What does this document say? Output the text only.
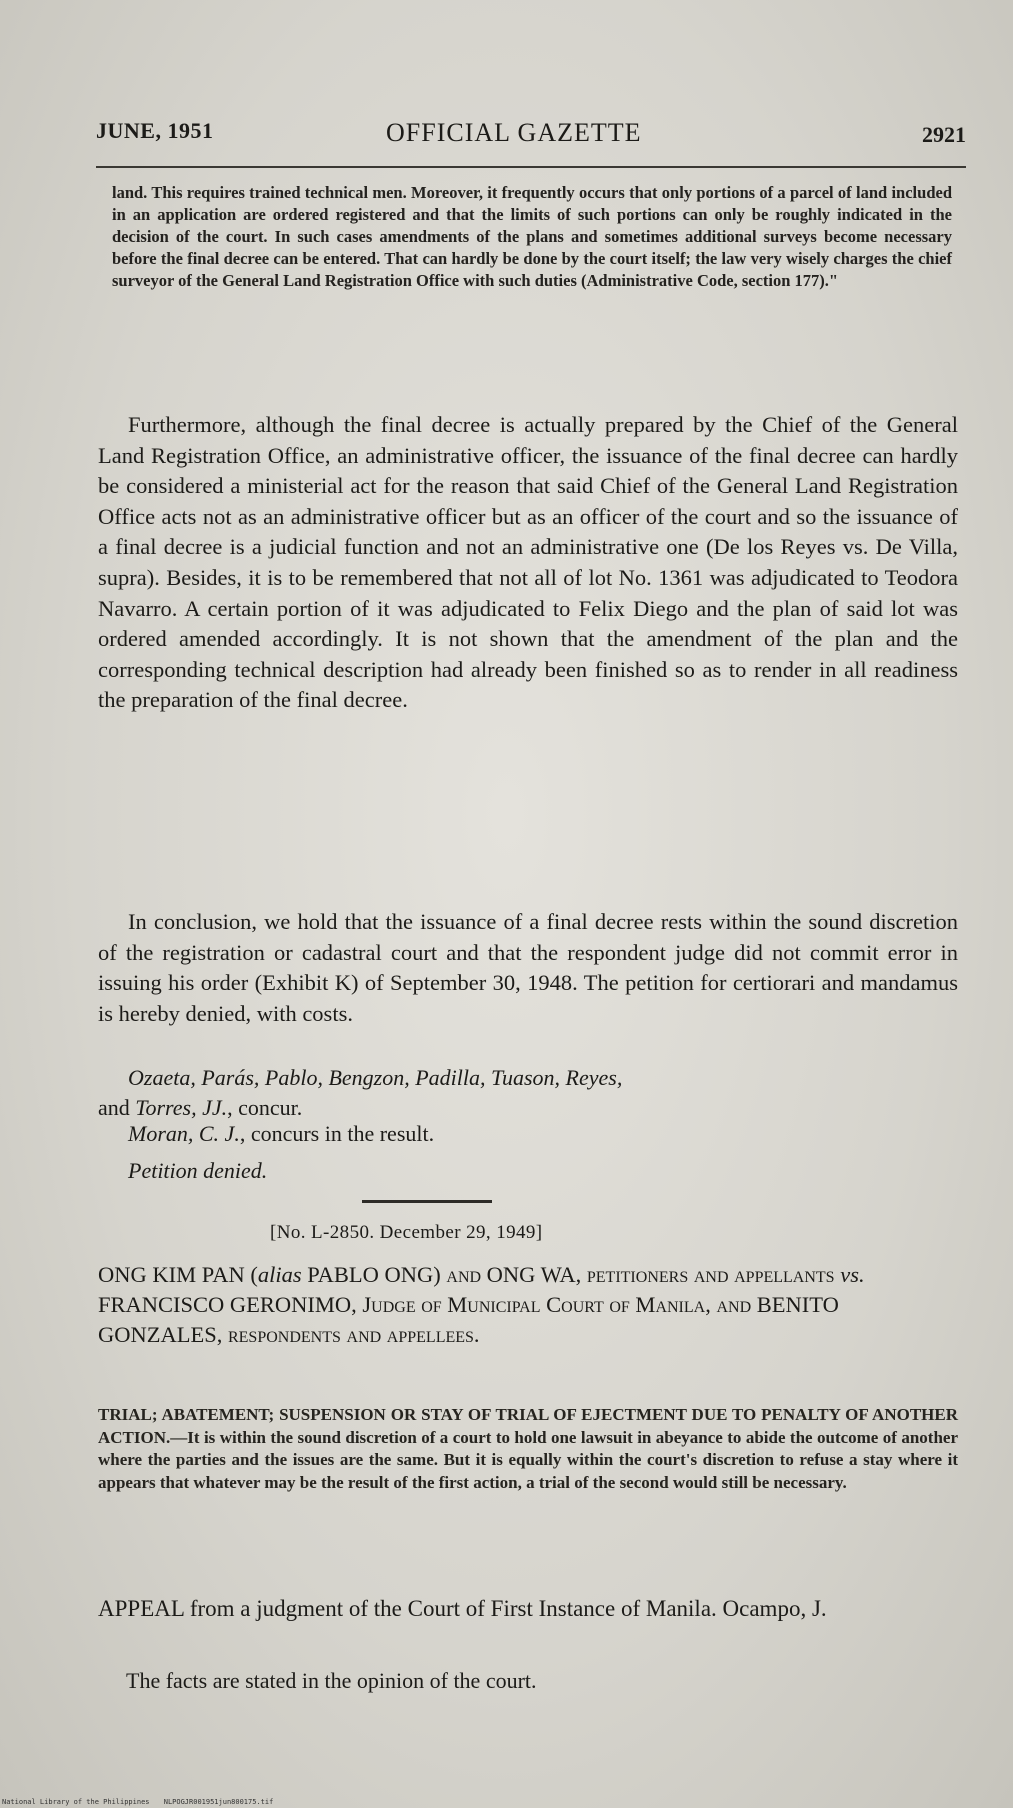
JUNE, 1951	OFFICIAL GAZETTE	2921
land. This requires trained technical men. Moreover, it frequently occurs that only portions of a parcel of land included in an application are ordered registered and that the limits of such portions can only be roughly indicated in the decision of the court. In such cases amendments of the plans and sometimes additional surveys become necessary before the final decree can be entered. That can hardly be done by the court itself; the law very wisely charges the chief surveyor of the General Land Registration Office with such duties (Administrative Code, section 177)."

Furthermore, although the final decree is actually prepared by the Chief of the General Land Registration Office, an administrative officer, the issuance of the final decree can hardly be considered a ministerial act for the reason that said Chief of the General Land Registration Office acts not as an administrative officer but as an officer of the court and so the issuance of a final decree is a judicial function and not an administrative one (De los Reyes vs. De Villa, supra). Besides, it is to be remembered that not all of lot No. 1361 was adjudicated to Teodora Navarro. A certain portion of it was adjudicated to Felix Diego and the plan of said lot was ordered amended accordingly. It is not shown that the amendment of the plan and the corresponding technical description had already been finished so as to render in all readiness the preparation of the final decree.

In conclusion, we hold that the issuance of a final decree rests within the sound discretion of the registration or cadastral court and that the respondent judge did not commit error in issuing his order (Exhibit K) of September 30, 1948. The petition for certiorari and mandamus is hereby denied, with costs.

Ozaeta, Parás, Pablo, Bengzon, Padilla, Tuason, Reyes,
and Torres, JJ., concur.
Moran, C. J., concurs in the result.
Petition denied.
[No. L-2850. December 29, 1949]
ONG KIM PAN (alias PABLO ONG) and ONG WA, petitioners and appellants vs. FRANCISCO GERONIMO, Judge of Municipal Court of Manila, and BENITO GONZALES, respondents and appellees.
TRIAL; ABATEMENT; SUSPENSION OR STAY OF TRIAL OF EJECTMENT DUE TO PENALTY OF ANOTHER ACTION.—It is within the sound discretion of a court to hold one lawsuit in abeyance to abide the outcome of another where the parties and the issues are the same. But it is equally within the court's discretion to refuse a stay where it appears that whatever may be the result of the first action, a trial of the second would still be necessary.
APPEAL from a judgment of the Court of First Instance of Manila. Ocampo, J.
The facts are stated in the opinion of the court.
National Library of the Philippines NLPOGJR001951jun800175.tif
